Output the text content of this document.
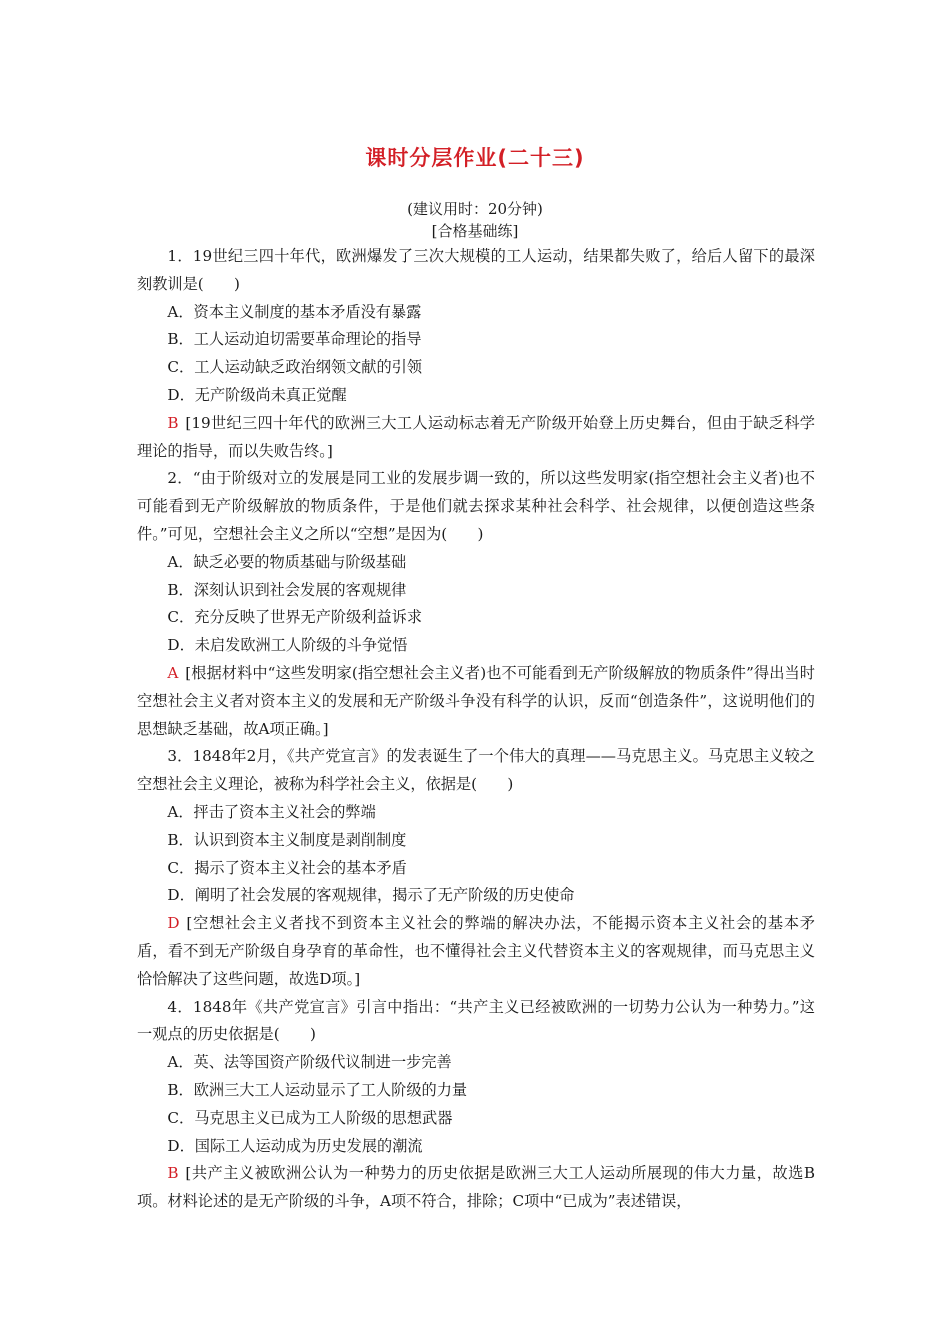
课时分层作业(二十三)
(建议用时：20分钟)
[合格基础练]

1．19世纪三四十年代，欧洲爆发了三次大规模的工人运动，结果都失败了，给后人留下的最深刻教训是(　　)

A．资本主义制度的基本矛盾没有暴露

B．工人运动迫切需要革命理论的指导

C．工人运动缺乏政治纲领文献的引领

D．无产阶级尚未真正觉醒

B [19世纪三四十年代的欧洲三大工人运动标志着无产阶级开始登上历史舞台，但由于缺乏科学理论的指导，而以失败告终。]

2．“由于阶级对立的发展是同工业的发展步调一致的，所以这些发明家(指空想社会主义者)也不可能看到无产阶级解放的物质条件，于是他们就去探求某种社会科学、社会规律，以便创造这些条件。”可见，空想社会主义之所以“空想”是因为(　　)

A．缺乏必要的物质基础与阶级基础

B．深刻认识到社会发展的客观规律

C．充分反映了世界无产阶级利益诉求

D．未启发欧洲工人阶级的斗争觉悟

A [根据材料中“这些发明家(指空想社会主义者)也不可能看到无产阶级解放的物质条件”得出当时空想社会主义者对资本主义的发展和无产阶级斗争没有科学的认识，反而“创造条件”，这说明他们的思想缺乏基础，故A项正确。]

3．1848年2月，《共产党宣言》的发表诞生了一个伟大的真理——马克思主义。马克思主义较之空想社会主义理论，被称为科学社会主义，依据是(　　)

A．抨击了资本主义社会的弊端

B．认识到资本主义制度是剥削制度

C．揭示了资本主义社会的基本矛盾

D．阐明了社会发展的客观规律，揭示了无产阶级的历史使命

D [空想社会主义者找不到资本主义社会的弊端的解决办法，不能揭示资本主义社会的基本矛盾，看不到无产阶级自身孕育的革命性，也不懂得社会主义代替资本主义的客观规律，而马克思主义恰恰解决了这些问题，故选D项。]

4．1848年《共产党宣言》引言中指出：“共产主义已经被欧洲的一切势力公认为一种势力。”这一观点的历史依据是(　　)

A．英、法等国资产阶级代议制进一步完善

B．欧洲三大工人运动显示了工人阶级的力量

C．马克思主义已成为工人阶级的思想武器

D．国际工人运动成为历史发展的潮流

B [共产主义被欧洲公认为一种势力的历史依据是欧洲三大工人运动所展现的伟大力量，故选B项。材料论述的是无产阶级的斗争，A项不符合，排除；C项中“已成为”表述错误，
